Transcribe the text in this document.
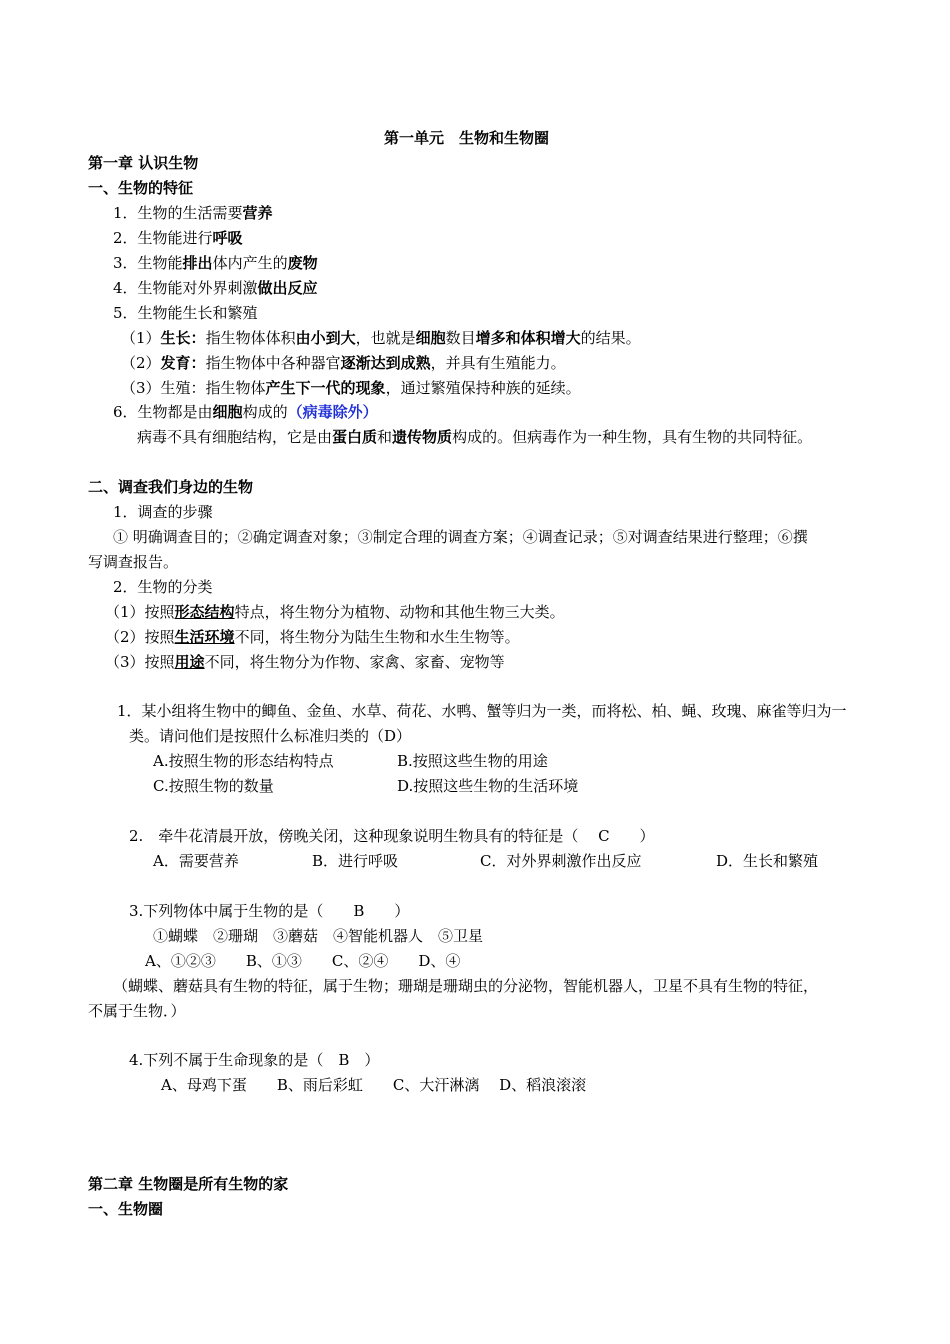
第一单元　生物和生物圈
第一章 认识生物
一、生物的特征
1．生物的生活需要营养
2．生物能进行呼吸
3．生物能排出体内产生的废物
4．生物能对外界刺激做出反应
5．生物能生长和繁殖
（1）生长：指生物体体积由小到大，也就是细胞数目增多和体积增大的结果。
（2）发育：指生物体中各种器官逐渐达到成熟，并具有生殖能力。
（3）生殖：指生物体产生下一代的现象，通过繁殖保持种族的延续。
6．生物都是由细胞构成的（病毒除外）
病毒不具有细胞结构，它是由蛋白质和遗传物质构成的。但病毒作为一种生物，具有生物的共同特征。
二、调查我们身边的生物
1．调查的步骤
① 明确调查目的；②确定调查对象；③制定合理的调查方案；④调查记录；⑤对调查结果进行整理；⑥撰
写调查报告。
2．生物的分类
（1）按照形态结构特点，将生物分为植物、动物和其他生物三大类。
（2）按照生活环境不同，将生物分为陆生生物和水生生物等。
（3）按照用途不同，将生物分为作物、家禽、家畜、宠物等
1．某小组将生物中的鲫鱼、金鱼、水草、荷花、水鸭、蟹等归为一类，而将松、柏、蝇、玫瑰、麻雀等归为一
类。请问他们是按照什么标准归类的（D）
A.按照生物的形态结构特点	B.按照这些生物的用途
C.按照生物的数量	D.按照这些生物的生活环境
2.　牵牛花清晨开放，傍晚关闭，这种现象说明生物具有的特征是（　 C　　）
A．需要营养	B．进行呼吸	C．对外界刺激作出反应	D．生长和繁殖
3.下列物体中属于生物的是（　　B　　）
①蝴蝶　②珊瑚　③蘑菇　④智能机器人　⑤卫星
A、①②③　　B、①③　　C、②④　　D、④
（蝴蝶、蘑菇具有生物的特征，属于生物；珊瑚是珊瑚虫的分泌物，智能机器人，卫星不具有生物的特征，
不属于生物．）
4.下列不属于生命现象的是（　B　）
A、母鸡下蛋　　B、雨后彩虹　　C、大汗淋漓　 D、稻浪滚滚
第二章 生物圈是所有生物的家
一、生物圈
